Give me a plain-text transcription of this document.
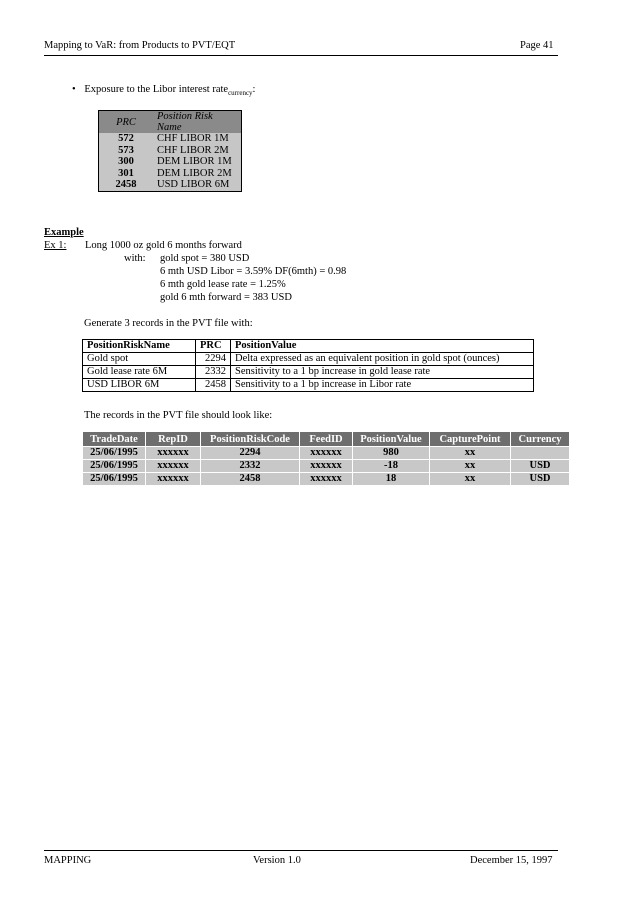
Mapping to VaR: from Products to PVT/EQT	Page 41
• Exposure to the Libor interest rate$_{currency}$:
PRC	Position Risk Name
572	CHF LIBOR 1M
573	CHF LIBOR 2M
300	DEM LIBOR 1M
301	DEM LIBOR 2M
2458	USD LIBOR 6M
Example
Ex 1: Long 1000 oz gold 6 months forward
with: gold spot = 380 USD
6 mth USD Libor = 3.59% DF(6mth) = 0.98
6 mth gold lease rate = 1.25%
gold 6 mth forward = 383 USD
Generate 3 records in the PVT file with:
PositionRiskName	PRC	PositionValue
Gold spot	2294	Delta expressed as an equivalent position in gold spot (ounces)
Gold lease rate 6M	2332	Sensitivity to a 1 bp increase in gold lease rate
USD LIBOR 6M	2458	Sensitivity to a 1 bp increase in Libor rate
The records in the PVT file should look like:
TradeDate	RepID	PositionRiskCode	FeedID	PositionValue	CapturePoint	Currency
25/06/1995	xxxxxx	2294	xxxxxx	980	xx	
25/06/1995	xxxxxx	2332	xxxxxx	-18	xx	USD
25/06/1995	xxxxxx	2458	xxxxxx	18	xx	USD
MAPPING	Version 1.0	December 15, 1997
